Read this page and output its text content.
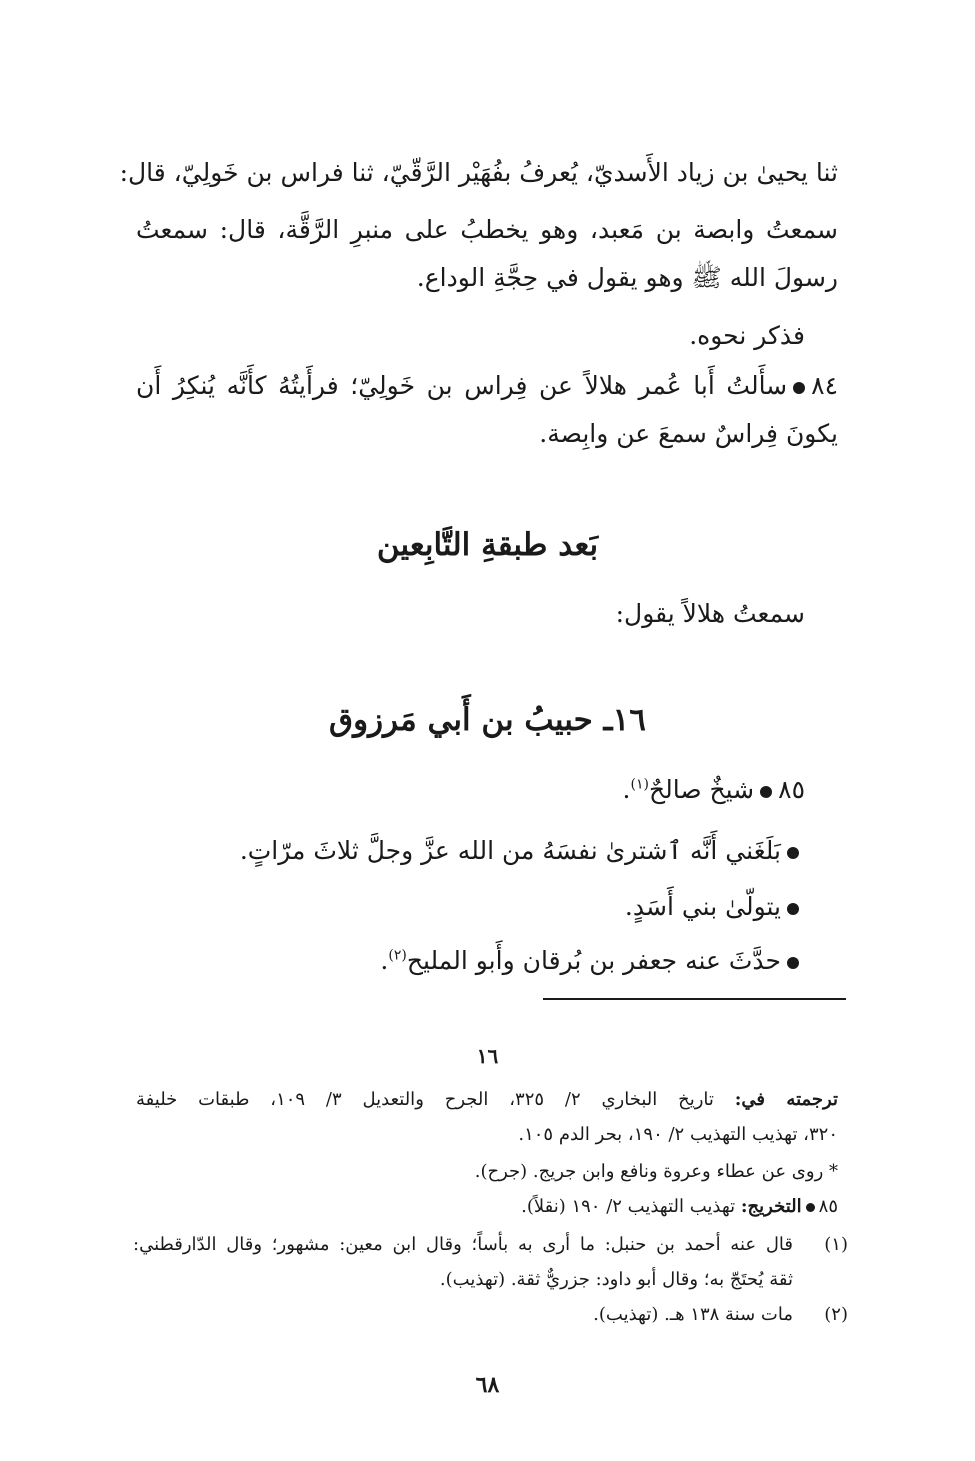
ثنا يحيىٰ بن زياد الأَسديّ، يُعرفُ بفُهَيْر الرَّقّيّ، ثنا فراس بن خَولِيّ، قال:
سمعتُ وابصة بن مَعبد، وهو يخطبُ على منبرِ الرَّقَّة، قال: سمعتُ
رسولَ الله ﷺ وهو يقول في حِجَّةِ الوداع.
فذكر نحوه.
٨٤سأَلتُ أَبا عُمر هلالاً عن فِراس بن خَولِيّ؛ فرأَيتُهُ كأَنَّه يُنكِرُ أَن
يكونَ فِراسٌ سمعَ عن وابِصة.
بَعد طبقةِ التَّابِعين
سمعتُ هلالاً يقول:
١٦ـ حبيبُ بن أَبي مَرزوق
٨٥شيخٌ صالحٌ$^{(١)}$.
بَلَغَني أَنَّه ٱشترىٰ نفسَهُ من الله عزَّ وجلَّ ثلاثَ مرّاتٍ.
يتولّىٰ بني أَسَدٍ.
حدَّثَ عنه جعفر بن بُرقان وأَبو المليح$^{(٢)}$.
١٦
ترجمته في: تاريخ البخاري ٢/ ٣٢٥، الجرح والتعديل ٣/ ١٠٩، طبقات خليفة
٣٢٠، تهذيب التهذيب ٢/ ١٩٠، بحر الدم ١٠٥.
* روى عن عطاء وعروة ونافع وابن جريج. (جرح).
٨٥التخريج: تهذيب التهذيب ٢/ ١٩٠ (نقلاً).
(١)
قال عنه أحمد بن حنبل: ما أرى به بأساً؛ وقال ابن معين: مشهور؛ وقال الدّارقطني:
ثقة يُحتَجّ به؛ وقال أبو داود: جزريٌّ ثقة. (تهذيب).
(٢)
مات سنة ١٣٨ هـ. (تهذيب).
٦٨
